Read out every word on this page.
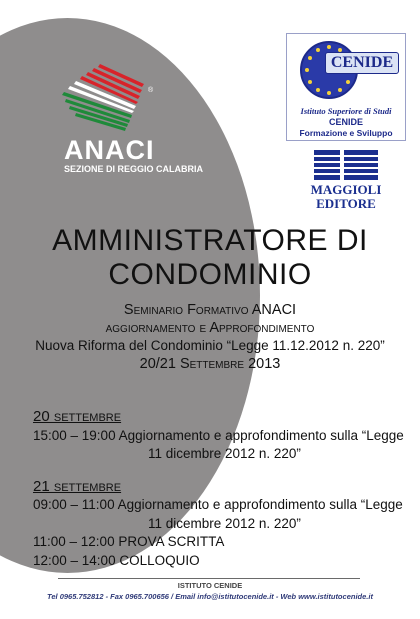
®
ANACI
SEZIONE DI REGGIO CALABRIA
CENIDE
Istituto Superiore di Studi
CENIDE
Formazione e Sviluppo
MAGGIOLI
EDITORE
AMMINISTRATORE DI
CONDOMINIO
Seminario Formativo ANACI
aggiornamento e Approfondimento
Nuova Riforma del Condominio “Legge 11.12.2012 n. 220”
20/21 Settembre 2013
20 settembre
15:00 – 19:00 Aggiornamento e approfondimento sulla “Legge
11 dicembre 2012 n. 220”
21 settembre
09:00 – 11:00 Aggiornamento e approfondimento sulla “Legge
11 dicembre 2012 n. 220”
11:00 – 12:00 PROVA SCRITTA
12:00 – 14:00 COLLOQUIO
ISTITUTO CENIDE
Tel 0965.752812 - Fax 0965.700656 / Email info@istitutocenide.it - Web www.istitutocenide.it
